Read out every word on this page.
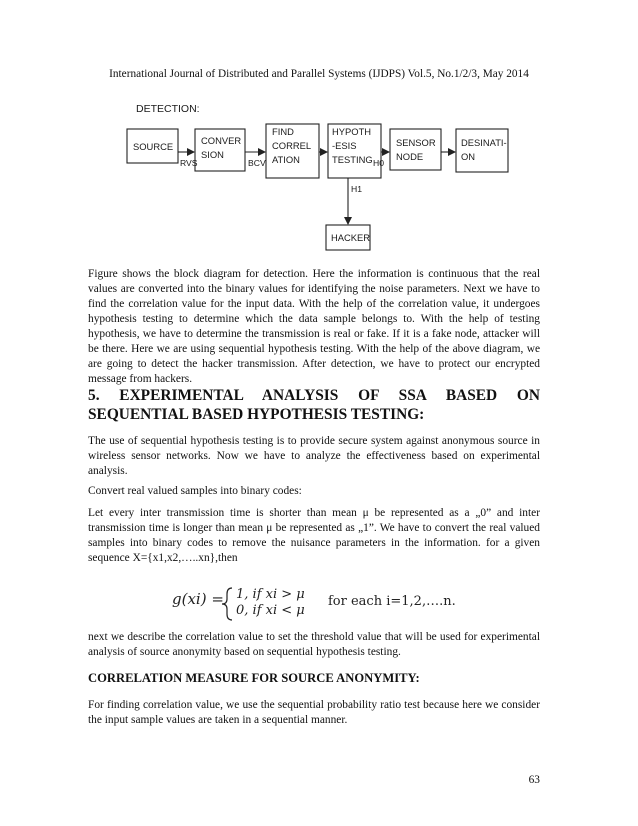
International Journal of Distributed and Parallel Systems (IJDPS) Vol.5, No.1/2/3, May 2014
DETECTION:
SOURCE
CONVER
SION
FIND
CORREL
ATION
HYPOTH
-ESIS
TESTING
SENSOR
NODE
DESINATI-
ON
HACKER
RVS	BCV	H0
H1

Figure shows the block diagram for detection. Here the information is continuous that the real values are converted into the binary values for identifying the noise parameters. Next we have to find the correlation value for the input data. With the help of the correlation value, it undergoes hypothesis testing to determine which the data sample belongs to. With the help of testing hypothesis, we have to determine the transmission is real or fake. If it is a fake node, attacker will be there. Here we are using sequential hypothesis testing. With the help of the above diagram, we are going to detect the hacker transmission. After detection, we have to protect our encrypted message from hackers.

5. EXPERIMENTAL ANALYSIS OF SSA BASED ON SEQUENTIAL BASED HYPOTHESIS TESTING:

The use of sequential hypothesis testing is to provide secure system against anonymous source in wireless sensor networks. Now we have to analyze the effectiveness based on experimental analysis.

Convert real valued samples into binary codes:

Let every inter transmission time is shorter than mean μ be represented as a „0” and inter transmission time is longer than mean μ be represented as „1”. We have to convert the real valued samples into binary codes to remove the nuisance parameters in the information. for a given sequence X={x1,x2,…..xn},then

g(xi) = 1, if xi > μ
0, if xi < μ
for each i=1,2,….n.

next we describe the correlation value to set the threshold value that will be used for experimental analysis of source anonymity based on sequential hypothesis testing.

CORRELATION MEASURE FOR SOURCE ANONYMITY:

For finding correlation value, we use the sequential probability ratio test because here we consider the input sample values are taken in a sequential manner.

63
